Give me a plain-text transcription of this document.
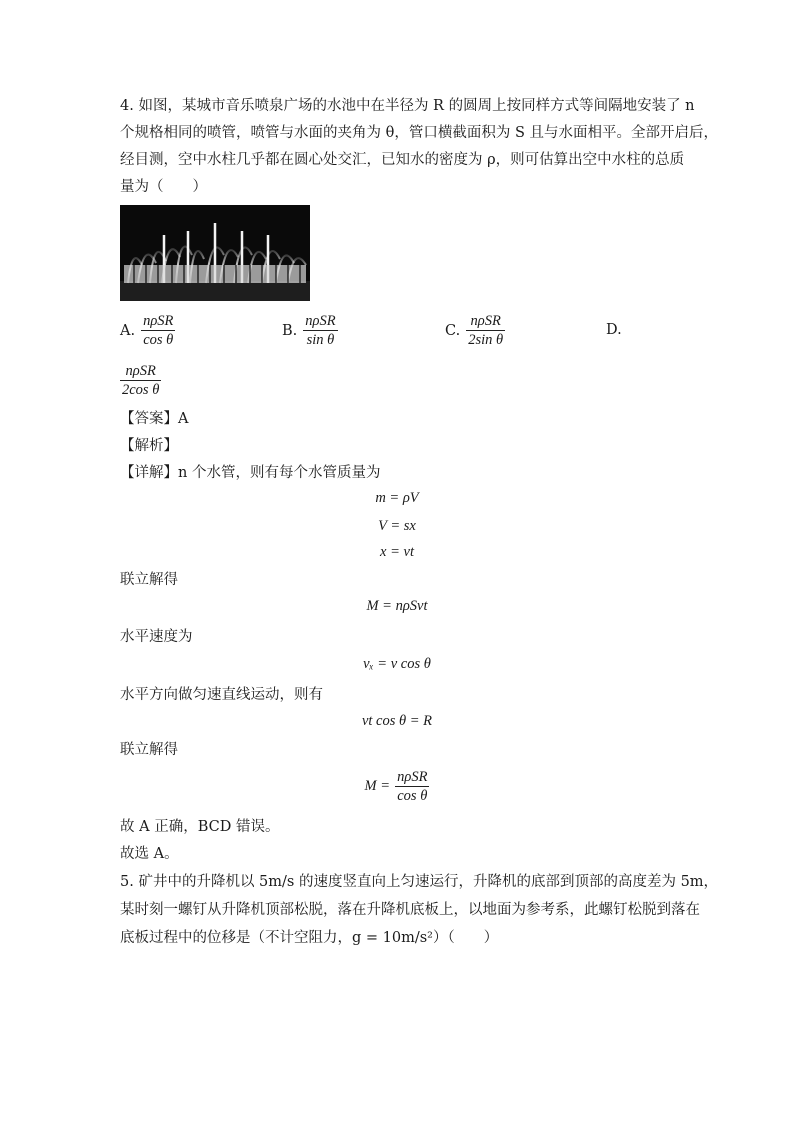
4. 如图，某城市音乐喷泉广场的水池中在半径为 R 的圆周上按同样方式等间隔地安装了 n
个规格相同的喷管，喷管与水面的夹角为 θ，管口横截面积为 S 且与水面相平。全部开启后，
经目测，空中水柱几乎都在圆心处交汇，已知水的密度为 ρ，则可估算出空中水柱的总质
量为（　　）
A. $\frac{\text{nρSR}}{\text{cos θ}}$	B. $\frac{\text{nρSR}}{\text{sin θ}}$	C. $\frac{\text{nρSR}}{\text{2sin θ}}$	D.
$\frac{\text{nρSR}}{\text{2cos θ}}$
【答案】A
【解析】
【详解】n 个水管，则有每个水管质量为
m = ρV
V = sx
x = vt
联立解得
M = nρSvt
水平速度为
vₓ = v cos θ
水平方向做匀速直线运动，则有
vt cos θ = R
联立解得
$M = \frac{\text{nρSR}}{\text{cos θ}}$
故 A 正确，BCD 错误。
故选 A。
5. 矿井中的升降机以 5m/s 的速度竖直向上匀速运行，升降机的底部到顶部的高度差为 5m，
某时刻一螺钉从升降机顶部松脱，落在升降机底板上，以地面为参考系，此螺钉松脱到落在
底板过程中的位移是（不计空阻力，g = 10m/s²）（　　）
